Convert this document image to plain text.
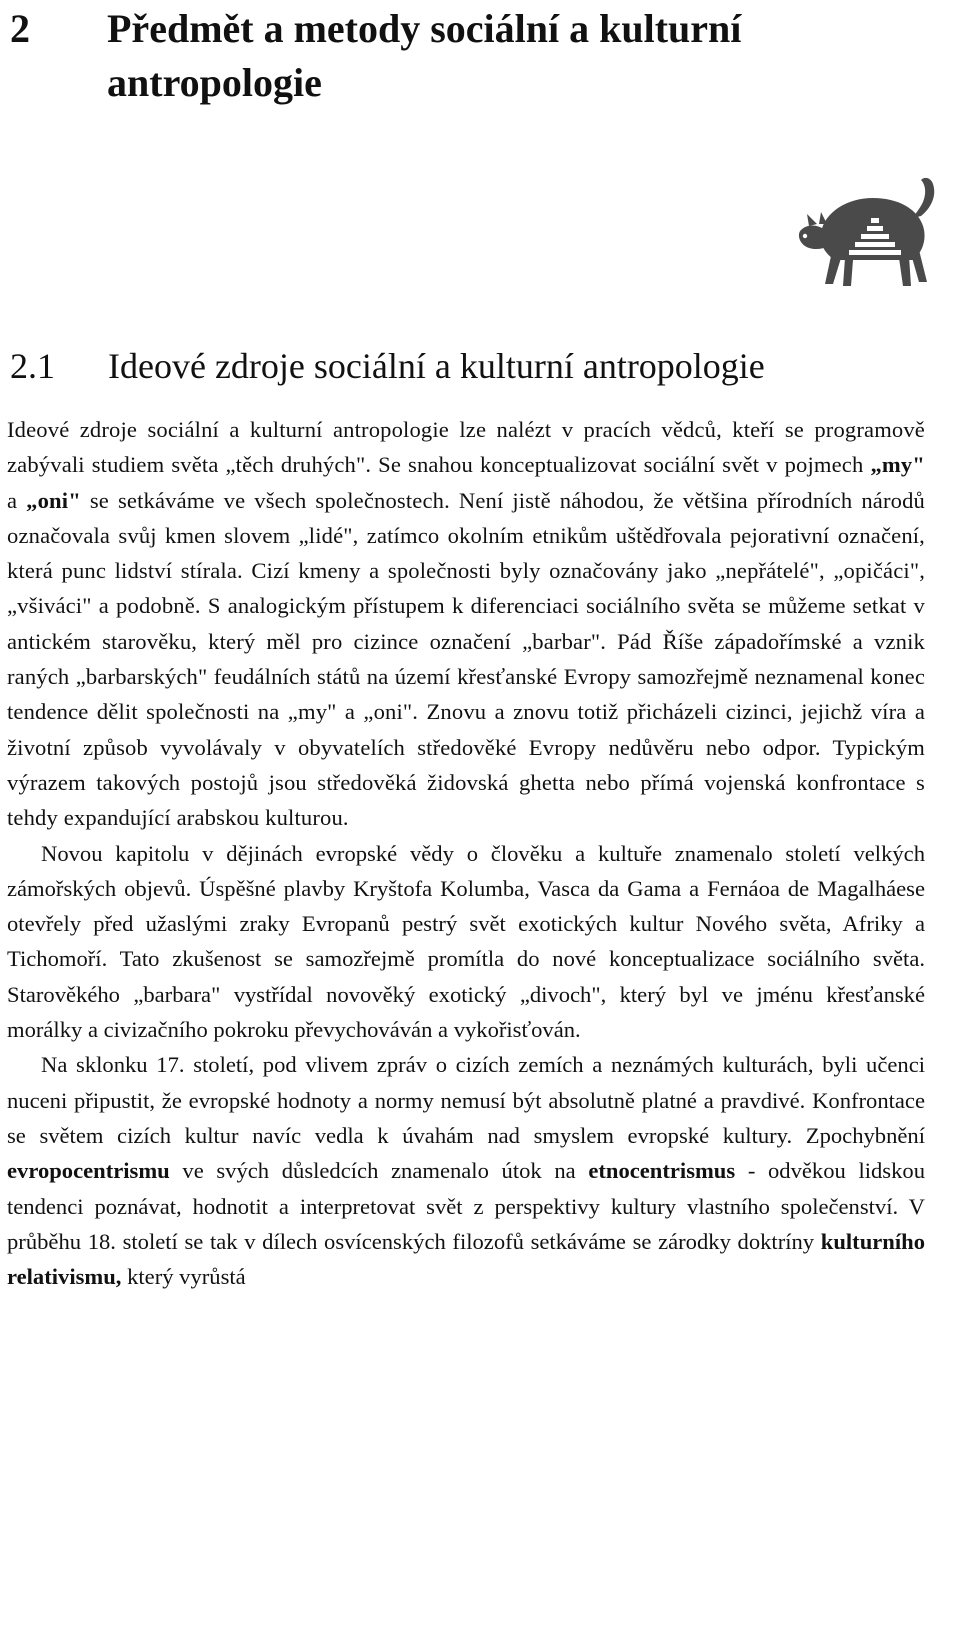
2 Předmět a metody sociální a kulturní
antropologie
2.1 Ideové zdroje sociální a kulturní antropologie

Ideové zdroje sociální a kulturní antropologie lze nalézt v pracích vědců, kteří se programově zabývali studiem světa „těch druhých". Se snahou konceptualizovat sociální svět v pojmech „my" a „oni" se setkáváme ve všech společnostech. Není jistě náhodou, že většina přírodních národů označovala svůj kmen slovem „lidé", zatímco okolním etnikům uštědřovala pejorativní označení, která punc lidství stírala. Cizí kmeny a společnosti byly označovány jako „nepřátelé", „opičáci", „všiváci" a podobně. S analogickým přístupem k diferenciaci sociálního světa se můžeme setkat v antickém starověku, který měl pro cizince označení „barbar". Pád Říše západořímské a vznik raných „barbarských" feudálních států na území křesťanské Evropy samozřejmě neznamenal konec tendence dělit společnosti na „my" a „oni". Znovu a znovu totiž přicházeli cizinci, jejichž víra a životní způsob vyvolávaly v obyvatelích středověké Evropy nedůvěru nebo odpor. Typickým výrazem takových postojů jsou středověká židovská ghetta nebo přímá vojenská konfrontace s tehdy expandující arabskou kulturou.

Novou kapitolu v dějinách evropské vědy o člověku a kultuře znamenalo století velkých zámořských objevů. Úspěšné plavby Kryštofa Kolumba, Vasca da Gama a Fernáoa de Magalháese otevřely před užaslými zraky Evropanů pestrý svět exotických kultur Nového světa, Afriky a Tichomoří. Tato zkušenost se samozřejmě promítla do nové konceptualizace sociálního světa. Starověkého „barbara" vystřídal novověký exotický „divoch", který byl ve jménu křesťanské morálky a civizačního pokroku převychováván a vykořisťován.

Na sklonku 17. století, pod vlivem zpráv o cizích zemích a neznámých kulturách, byli učenci nuceni připustit, že evropské hodnoty a normy nemusí být absolutně platné a pravdivé. Konfrontace se světem cizích kultur navíc vedla k úvahám nad smyslem evropské kultury. Zpochybnění evropocentrismu ve svých důsledcích znamenalo útok na etnocentrismus - odvěkou lidskou tendenci poznávat, hodnotit a interpretovat svět z perspektivy kultury vlastního společenství. V průběhu 18. století se tak v dílech osvícenských filozofů setkáváme se zárodky doktríny kulturního relativismu, který vyrůstá
